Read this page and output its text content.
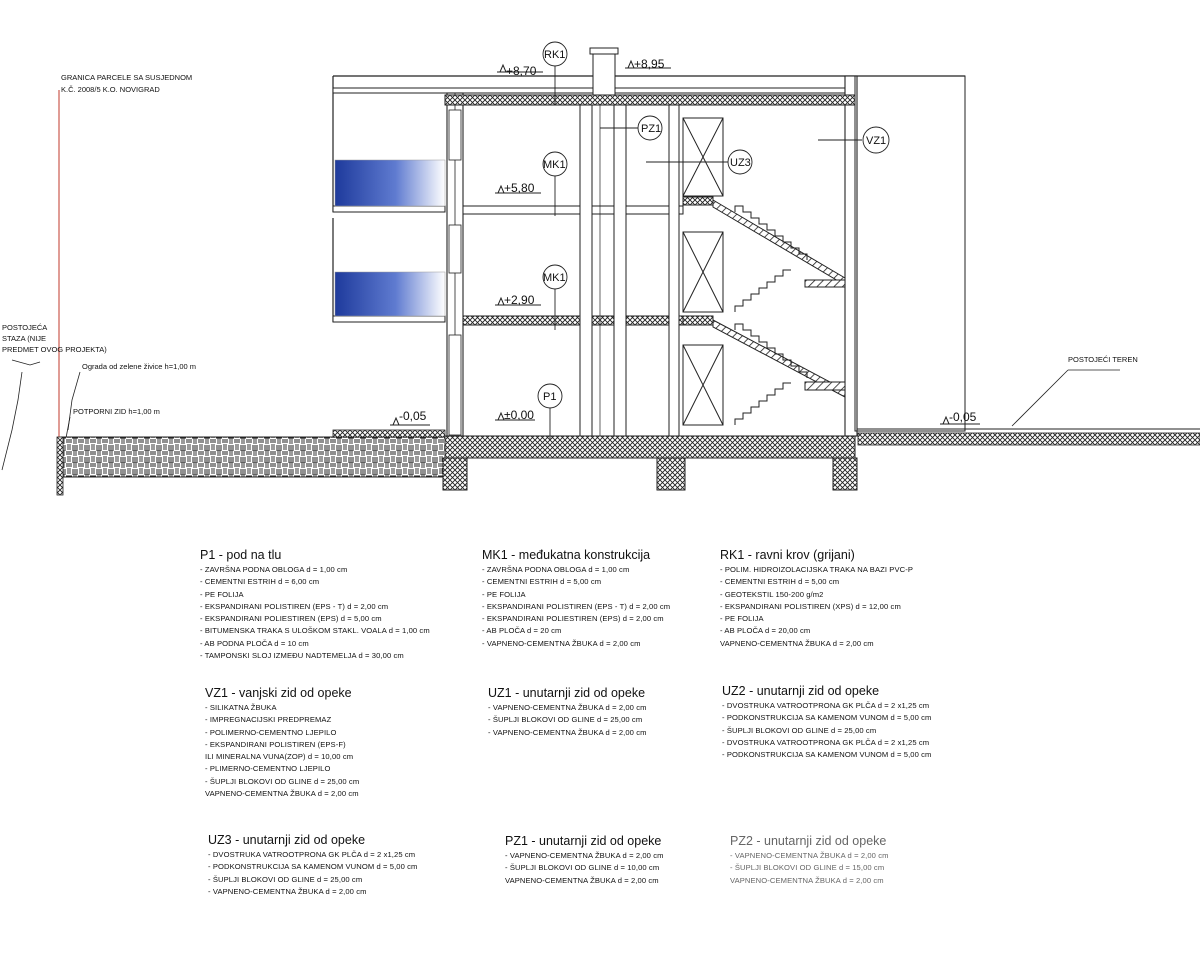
GRANICA PARCELE SA SUSJEDNOM
K.Č. 2008/5 K.O. NOVIGRAD
POSTOJEĆA
STAZA (NIJE
PREDMET OVOG PROJEKTA)
Ograda od zelene živice h=1,00 m
POTPORNI ZID h=1,00 m
POSTOJEĆI TEREN
+8,70	+8,95
+5,80
+2,90
±0,00
-0,05	-0,05
RK1
PZ1
UZ3
VZ1
MK1
MK1
P1
P1 - pod na tlu
- ZAVRŠNA PODNA OBLOGA d = 1,00 cm
- CEMENTNI ESTRIH d = 6,00 cm
- PE FOLIJA
- EKSPANDIRANI POLISTIREN (EPS - T) d = 2,00 cm
- EKSPANDIRANI POLIESTIREN (EPS) d = 5,00 cm
- BITUMENSKA TRAKA S ULOŠKOM STAKL. VOALA d = 1,00 cm
- AB PODNA PLOČA d = 10 cm
- TAMPONSKI SLOJ IZMEĐU NADTEMELJA d = 30,00 cm
MK1 - međukatna konstrukcija
- ZAVRŠNA PODNA OBLOGA d = 1,00 cm
- CEMENTNI ESTRIH d = 5,00 cm
- PE FOLIJA
- EKSPANDIRANI POLISTIREN (EPS - T) d = 2,00 cm
- EKSPANDIRANI POLIESTIREN (EPS) d = 2,00 cm
- AB PLOČA d = 20 cm
- VAPNENO-CEMENTNA ŽBUKA d = 2,00 cm
RK1 - ravni krov (grijani)
- POLIM. HIDROIZOLACIJSKA TRAKA NA BAZI PVC-P
- CEMENTNI ESTRIH d = 5,00 cm
- GEOTEKSTIL 150-200 g/m2
- EKSPANDIRANI POLISTIREN (XPS) d = 12,00 cm
- PE FOLIJA
- AB PLOČA d = 20,00 cm
VAPNENO-CEMENTNA ŽBUKA d = 2,00 cm
VZ1 - vanjski zid od opeke
- SILIKATNA ŽBUKA
- IMPREGNACIJSKI PREDPREMAZ
- POLIMERNO-CEMENTNO LJEPILO
- EKSPANDIRANI POLISTIREN (EPS-F)
ILI MINERALNA VUNA(ZOP) d = 10,00 cm
- PLIMERNO-CEMENTNO LJEPILO
- ŠUPLJI BLOKOVI OD GLINE d = 25,00 cm
VAPNENO-CEMENTNA ŽBUKA d = 2,00 cm
UZ1 - unutarnji zid od opeke
- VAPNENO-CEMENTNA ŽBUKA d = 2,00 cm
- ŠUPLJI BLOKOVI OD GLINE d = 25,00 cm
- VAPNENO-CEMENTNA ŽBUKA d = 2,00 cm
UZ2 - unutarnji zid od opeke
- DVOSTRUKA VATROOTPRONA GK PLČA d = 2 x1,25 cm
- PODKONSTRUKCIJA SA KAMENOM VUNOM d = 5,00 cm
- ŠUPLJI BLOKOVI OD GLINE d = 25,00 cm
- DVOSTRUKA VATROOTPRONA GK PLČA d = 2 x1,25 cm
- PODKONSTRUKCIJA SA KAMENOM VUNOM d = 5,00 cm
UZ3 - unutarnji zid od opeke
- DVOSTRUKA VATROOTPRONA GK PLČA d = 2 x1,25 cm
- PODKONSTRUKCIJA SA KAMENOM VUNOM d = 5,00 cm
- ŠUPLJI BLOKOVI OD GLINE d = 25,00 cm
- VAPNENO-CEMENTNA ŽBUKA d = 2,00 cm
PZ1 - unutarnji zid od opeke
- VAPNENO-CEMENTNA ŽBUKA d = 2,00 cm
- ŠUPLJI BLOKOVI OD GLINE d = 10,00 cm
VAPNENO-CEMENTNA ŽBUKA d = 2,00 cm
PZ2 - unutarnji zid od opeke
- VAPNENO-CEMENTNA ŽBUKA d = 2,00 cm
- ŠUPLJI BLOKOVI OD GLINE d = 15,00 cm
VAPNENO-CEMENTNA ŽBUKA d = 2,00 cm
